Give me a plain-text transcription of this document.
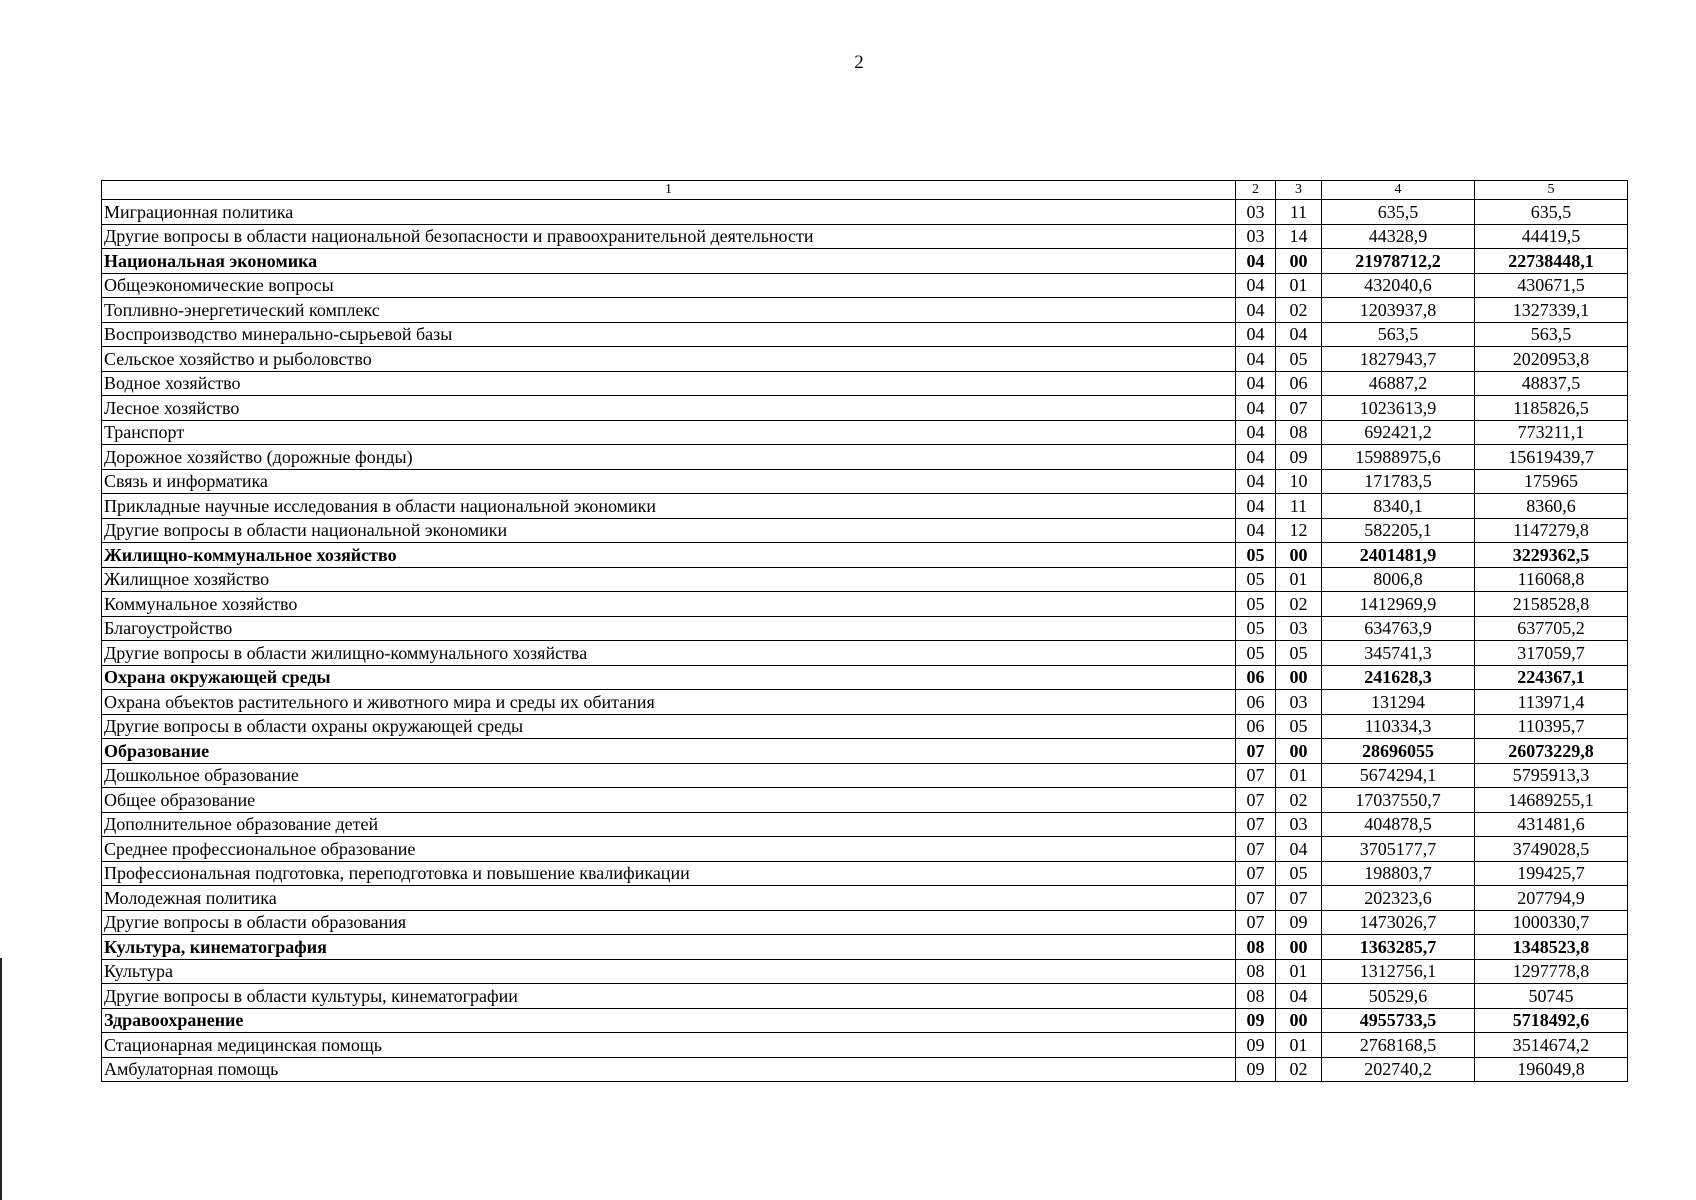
2
1	2	3	4	5
Миграционная политика	03	11	635,5	635,5
Другие вопросы в области национальной безопасности и правоохранительной деятельности	03	14	44328,9	44419,5
Национальная экономика	04	00	21978712,2	22738448,1
Общеэкономические вопросы	04	01	432040,6	430671,5
Топливно-энергетический комплекс	04	02	1203937,8	1327339,1
Воспроизводство минерально-сырьевой базы	04	04	563,5	563,5
Сельское хозяйство и рыболовство	04	05	1827943,7	2020953,8
Водное хозяйство	04	06	46887,2	48837,5
Лесное хозяйство	04	07	1023613,9	1185826,5
Транспорт	04	08	692421,2	773211,1
Дорожное хозяйство (дорожные фонды)	04	09	15988975,6	15619439,7
Связь и информатика	04	10	171783,5	175965
Прикладные научные исследования в области национальной экономики	04	11	8340,1	8360,6
Другие вопросы в области национальной экономики	04	12	582205,1	1147279,8
Жилищно-коммунальное хозяйство	05	00	2401481,9	3229362,5
Жилищное хозяйство	05	01	8006,8	116068,8
Коммунальное хозяйство	05	02	1412969,9	2158528,8
Благоустройство	05	03	634763,9	637705,2
Другие вопросы в области жилищно-коммунального хозяйства	05	05	345741,3	317059,7
Охрана окружающей среды	06	00	241628,3	224367,1
Охрана объектов растительного и животного мира и среды их обитания	06	03	131294	113971,4
Другие вопросы в области охраны окружающей среды	06	05	110334,3	110395,7
Образование	07	00	28696055	26073229,8
Дошкольное образование	07	01	5674294,1	5795913,3
Общее образование	07	02	17037550,7	14689255,1
Дополнительное образование детей	07	03	404878,5	431481,6
Среднее профессиональное образование	07	04	3705177,7	3749028,5
Профессиональная подготовка, переподготовка и повышение квалификации	07	05	198803,7	199425,7
Молодежная политика	07	07	202323,6	207794,9
Другие вопросы в области образования	07	09	1473026,7	1000330,7
Культура, кинематография	08	00	1363285,7	1348523,8
Культура	08	01	1312756,1	1297778,8
Другие вопросы в области культуры, кинематографии	08	04	50529,6	50745
Здравоохранение	09	00	4955733,5	5718492,6
Стационарная медицинская помощь	09	01	2768168,5	3514674,2
Амбулаторная помощь	09	02	202740,2	196049,8
